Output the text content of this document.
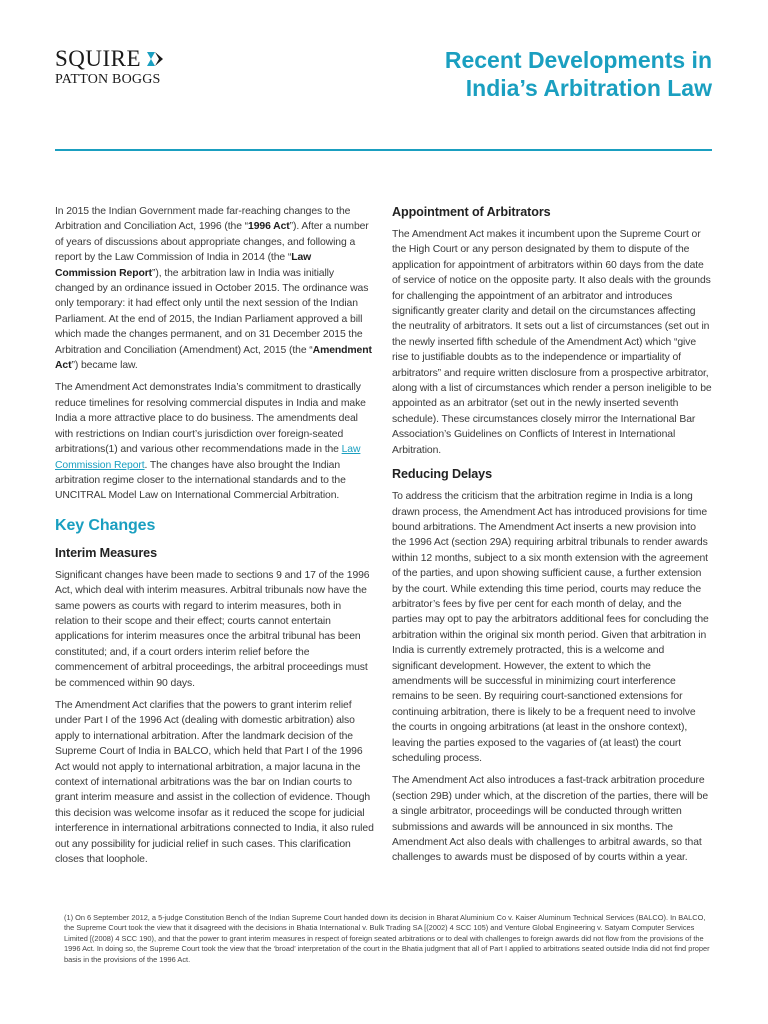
SQUIRE
PATTON BOGGS
Recent Developments in
India’s Arbitration Law

In 2015 the Indian Government made far-reaching changes to the Arbitration and Conciliation Act, 1996 (the “1996 Act”). After a number of years of discussions about appropriate changes, and following a report by the Law Commission of India in 2014 (the “Law Commission Report”), the arbitration law in India was initially changed by an ordinance issued in October 2015. The ordinance was only temporary: it had effect only until the next session of the Indian Parliament. At the end of 2015, the Indian Parliament approved a bill which made the changes permanent, and on 31 December 2015 the Arbitration and Conciliation (Amendment) Act, 2015 (the “Amendment Act”) became law.

The Amendment Act demonstrates India’s commitment to drastically reduce timelines for resolving commercial disputes in India and make India a more attractive place to do business. The amendments deal with restrictions on Indian court’s jurisdiction over foreign-seated arbitrations(1) and various other recommendations made in the Law Commission Report. The changes have also brought the Indian arbitration regime closer to the international standards and to the UNCITRAL Model Law on International Commercial Arbitration.

Key Changes
Interim Measures

Significant changes have been made to sections 9 and 17 of the 1996 Act, which deal with interim measures. Arbitral tribunals now have the same powers as courts with regard to interim measures, both in relation to their scope and their effect; courts cannot entertain applications for interim measures once the arbitral tribunal has been constituted; and, if a court orders interim relief before the commencement of arbitral proceedings, the arbitral proceedings must be commenced within 90 days.

The Amendment Act clarifies that the powers to grant interim relief under Part I of the 1996 Act (dealing with domestic arbitration) also apply to international arbitration. After the landmark decision of the Supreme Court of India in BALCO, which held that Part I of the 1996 Act would not apply to international arbitration, a major lacuna in the context of international arbitrations was the bar on Indian courts to grant interim measure and assist in the collection of evidence. Though this decision was welcome insofar as it reduced the scope for judicial interference in international arbitrations connected to India, it also ruled out any possibility for judicial relief in such cases. This clarification closes that loophole.

Appointment of Arbitrators

The Amendment Act makes it incumbent upon the Supreme Court or the High Court or any person designated by them to dispute of the application for appointment of arbitrators within 60 days from the date of service of notice on the opposite party. It also deals with the grounds for challenging the appointment of an arbitrator and introduces significantly greater clarity and detail on the circumstances affecting the neutrality of arbitrators. It sets out a list of circumstances (set out in the newly inserted fifth schedule of the Amendment Act) which “give rise to justifiable doubts as to the independence or impartiality of arbitrators” and require written disclosure from a prospective arbitrator, along with a list of circumstances which render a person ineligible to be appointed as an arbitrator (set out in the newly inserted seventh schedule). These circumstances closely mirror the International Bar Association’s Guidelines on Conflicts of Interest in International Arbitration.

Reducing Delays

To address the criticism that the arbitration regime in India is a long drawn process, the Amendment Act has introduced provisions for time bound arbitrations. The Amendment Act inserts a new provision into the 1996 Act (section 29A) requiring arbitral tribunals to render awards within 12 months, subject to a six month extension with the agreement of the parties, and upon showing sufficient cause, a further extension by the court. While extending this time period, courts may reduce the arbitrator’s fees by five per cent for each month of delay, and the parties may opt to pay the arbitrators additional fees for concluding the arbitration within the original six month period. Given that arbitration in India is currently extremely protracted, this is a welcome and significant development. However, the extent to which the amendments will be successful in minimizing court interference remains to be seen. By requiring court-sanctioned extensions for continuing arbitration, there is likely to be a frequent need to involve the courts in ongoing arbitrations (at least in the onshore context), leaving the parties exposed to the vagaries of (at least) the court scheduling process.

The Amendment Act also introduces a fast-track arbitration procedure (section 29B) under which, at the discretion of the parties, there will be a single arbitrator, proceedings will be conducted through written submissions and awards will be announced in six months. The Amendment Act also deals with challenges to arbitral awards, so that challenges to awards must be disposed of by courts within a year.

(1) On 6 September 2012, a 5-judge Constitution Bench of the Indian Supreme Court handed down its decision in Bharat Aluminium Co v. Kaiser Aluminum Technical Services (BALCO). In BALCO, the Supreme Court took the view that it disagreed with the decisions in Bhatia International v. Bulk Trading SA [(2002) 4 SCC 105) and Venture Global Engineering v. Satyam Computer Services Limited [(2008) 4 SCC 190), and that the power to grant interim measures in respect of foreign seated arbitrations or to deal with challenges to foreign awards did not flow from the provisions of the 1996 Act. In doing so, the Supreme Court took the view that the ‘broad’ interpretation of the court in the Bhatia judgment that all of Part I applied to arbitrations seated outside India did not find proper basis in the provisions of the 1996 Act.
